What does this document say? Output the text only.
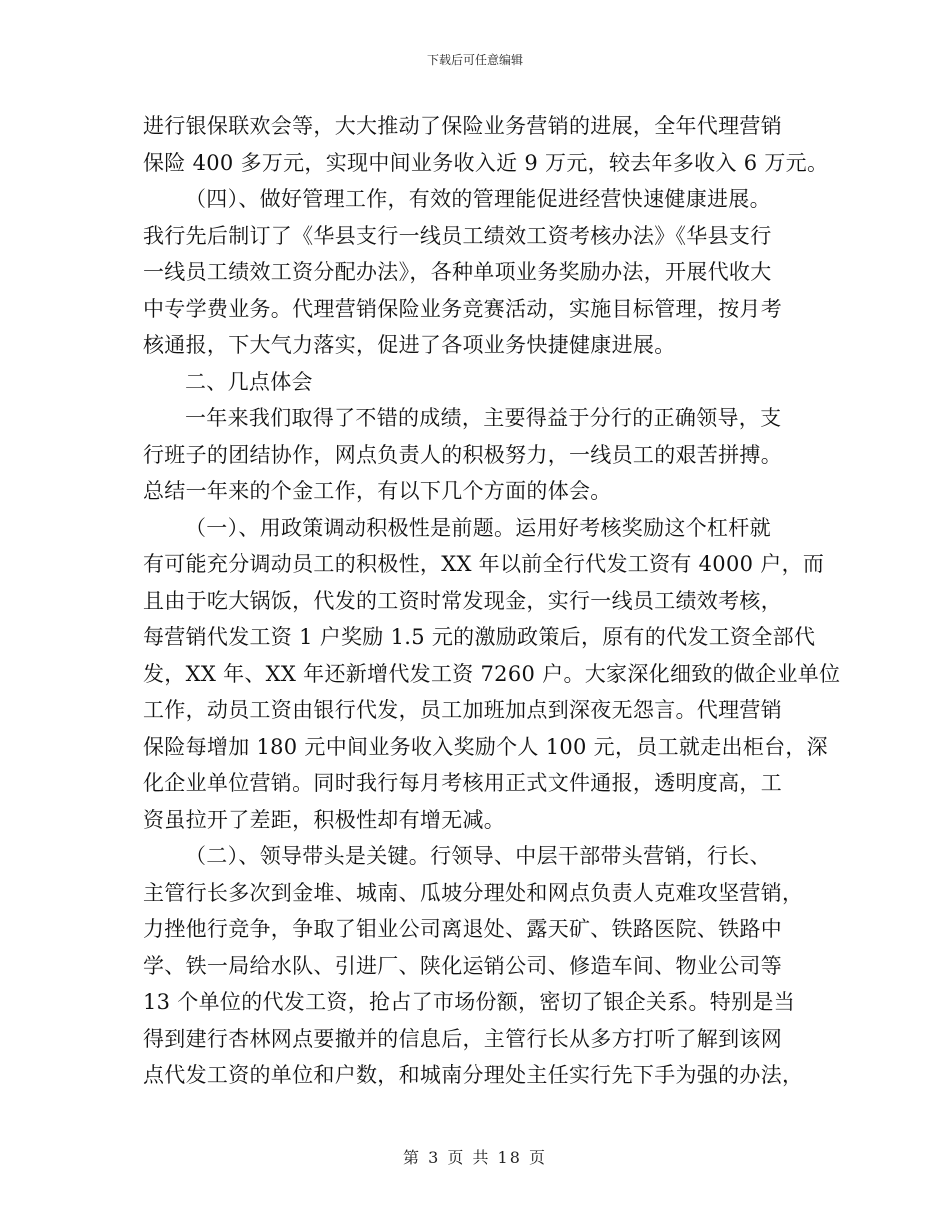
下载后可任意编辑
进行银保联欢会等，大大推动了保险业务营销的进展，全年代理营销
保险 400 多万元，实现中间业务收入近 9 万元，较去年多收入 6 万元。
（四）、做好管理工作，有效的管理能促进经营快速健康进展。
我行先后制订了《华县支行一线员工绩效工资考核办法》《华县支行
一线员工绩效工资分配办法》，各种单项业务奖励办法，开展代收大
中专学费业务。代理营销保险业务竞赛活动，实施目标管理，按月考
核通报，下大气力落实，促进了各项业务快捷健康进展。
二、几点体会
一年来我们取得了不错的成绩，主要得益于分行的正确领导，支
行班子的团结协作，网点负责人的积极努力，一线员工的艰苦拼搏。
总结一年来的个金工作，有以下几个方面的体会。
（一）、用政策调动积极性是前题。运用好考核奖励这个杠杆就
有可能充分调动员工的积极性，XX 年以前全行代发工资有 4000 户，而
且由于吃大锅饭，代发的工资时常发现金，实行一线员工绩效考核，
每营销代发工资 1 户奖励 1.5 元的激励政策后，原有的代发工资全部代
发，XX 年、XX 年还新增代发工资 7260 户。大家深化细致的做企业单位
工作，动员工资由银行代发，员工加班加点到深夜无怨言。代理营销
保险每增加 180 元中间业务收入奖励个人 100 元，员工就走出柜台，深
化企业单位营销。同时我行每月考核用正式文件通报，透明度高，工
资虽拉开了差距，积极性却有增无减。
（二）、领导带头是关键。行领导、中层干部带头营销，行长、
主管行长多次到金堆、城南、瓜坡分理处和网点负责人克难攻坚营销，
力挫他行竞争，争取了钼业公司离退处、露天矿、铁路医院、铁路中
学、铁一局给水队、引进厂、陕化运销公司、修造车间、物业公司等
13 个单位的代发工资，抢占了市场份额，密切了银企关系。特别是当
得到建行杏林网点要撤并的信息后，主管行长从多方打听了解到该网
点代发工资的单位和户数，和城南分理处主任实行先下手为强的办法，
第 3 页 共 18 页
